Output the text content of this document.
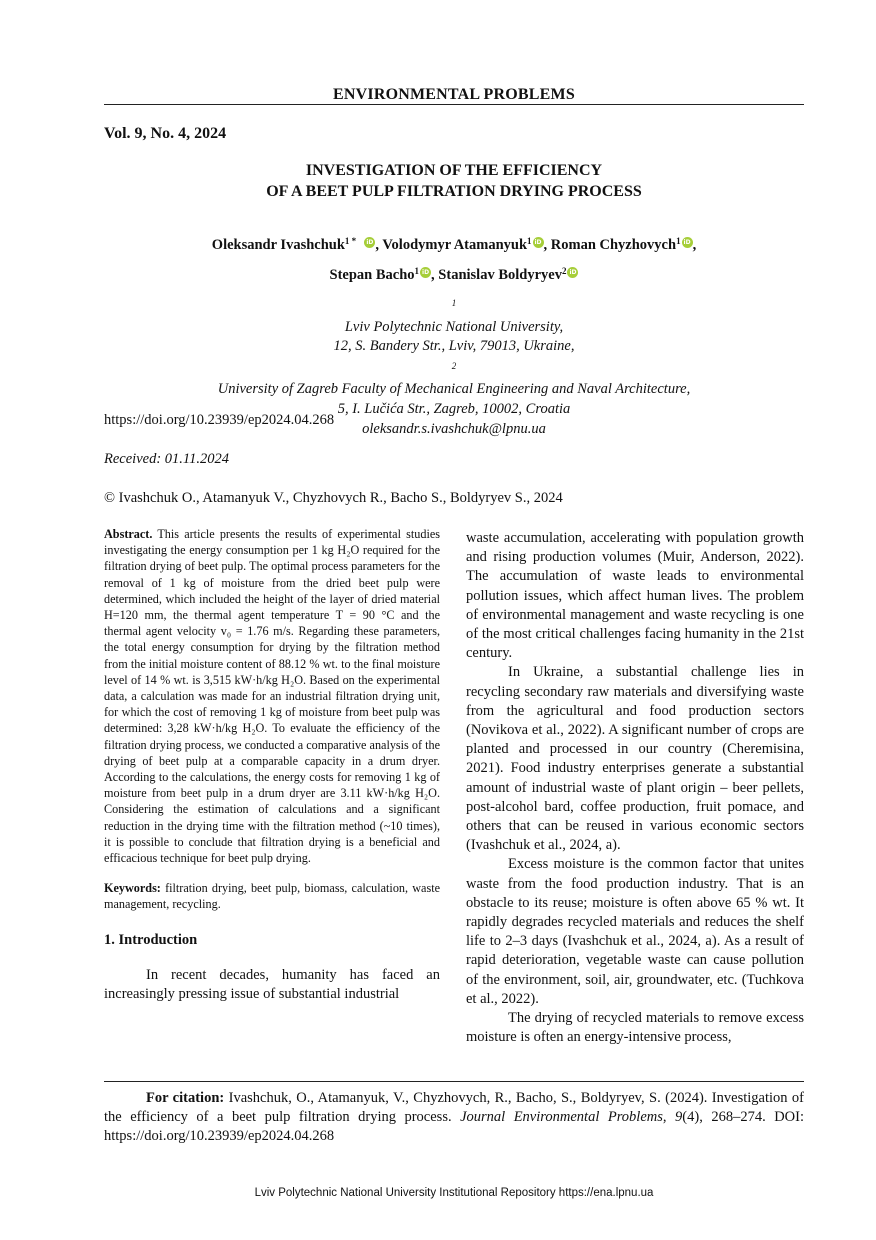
ENVIRONMENTAL PROBLEMS
Vol. 9, No. 4, 2024
INVESTIGATION OF THE EFFICIENCY
OF A BEET PULP FILTRATION DRYING PROCESS
Oleksandr Ivashchuk$^{1 *}$ iD , Volodymyr Atamanyuk$^1$ iD , Roman Chyzhovych$^1$ iD ,
Stepan Bacho$^1$ iD , Stanislav Boldyryev$^2$ iD
$^1$
Lviv Polytechnic National University,
12, S. Bandery Str., Lviv, 79013, Ukraine,
$^2$
University of Zagreb Faculty of Mechanical Engineering and Naval Architecture,
5, I. Lučića Str., Zagreb, 10002, Croatia
oleksandr.s.ivashchuk@lpnu.ua
https://doi.org/10.23939/ep2024.04.268
Received: 01.11.2024
© Ivashchuk O., Atamanyuk V., Chyzhovych R., Bacho S., Boldyryev S., 2024

Abstract. This article presents the results of experimental studies investigating the energy consumption per 1 kg H₂O required for the filtration drying of beet pulp. The optimal process parameters for the removal of 1 kg of moisture from the dried beet pulp were determined, which included the height of the layer of dried material H=120 mm, the thermal agent temperature T = 90 °C and the thermal agent velocity v₀ = 1.76 m/s. Regarding these parameters, the total energy consumption for drying by the filtration method from the initial moisture content of 88.12 % wt. to the final moisture level of 14 % wt. is 3,515 kW·h/kg H₂O. Based on the experimental data, a calculation was made for an industrial filtration drying unit, for which the cost of removing 1 kg of moisture from beet pulp was determined: 3,28 kW·h/kg H₂O. To evaluate the efficiency of the filtration drying process, we conducted a comparative analysis of the drying of beet pulp at a comparable capacity in a drum dryer. According to the calculations, the energy costs for removing 1 kg of moisture from beet pulp in a drum dryer are 3.11 kW·h/kg H₂O. Considering the estimation of calculations and a significant reduction in the drying time with the filtration method (~10 times), it is possible to conclude that filtration drying is a beneficial and efficacious technique for beet pulp drying.

Keywords: filtration drying, beet pulp, biomass, calculation, waste management, recycling.

1. Introduction

In recent decades, humanity has faced an increasingly pressing issue of substantial industrial

waste accumulation, accelerating with population growth and rising production volumes (Muir, Anderson, 2022). The accumulation of waste leads to environmental pollution issues, which affect human lives. The problem of environmental management and waste recycling is one of the most critical challenges facing humanity in the 21st century.

In Ukraine, a substantial challenge lies in recycling secondary raw materials and diversifying waste from the agricultural and food production sectors (Novikova et al., 2022). A significant number of crops are planted and processed in our country (Cheremisina, 2021). Food industry enterprises generate a substantial amount of industrial waste of plant origin – beer pellets, post-alcohol bard, coffee production, fruit pomace, and others that can be reused in various economic sectors (Ivashchuk et al., 2024, a).

Excess moisture is the common factor that unites waste from the food production industry. That is an obstacle to its reuse; moisture is often above 65 % wt. It rapidly degrades recycled materials and reduces the shelf life to 2–3 days (Ivashchuk et al., 2024, a). As a result of rapid deterioration, vegetable waste can cause pollution of the environment, soil, air, groundwater, etc. (Tuchkova et al., 2022).

The drying of recycled materials to remove excess moisture is often an energy-intensive process,

For citation: Ivashchuk, O., Atamanyuk, V., Chyzhovych, R., Bacho, S., Boldyryev, S. (2024). Investigation of the efficiency of a beet pulp filtration drying process. Journal Environmental Problems, 9(4), 268–274. DOI: https://doi.org/10.23939/ep2024.04.268
Lviv Polytechnic National University Institutional Repository https://ena.lpnu.ua
